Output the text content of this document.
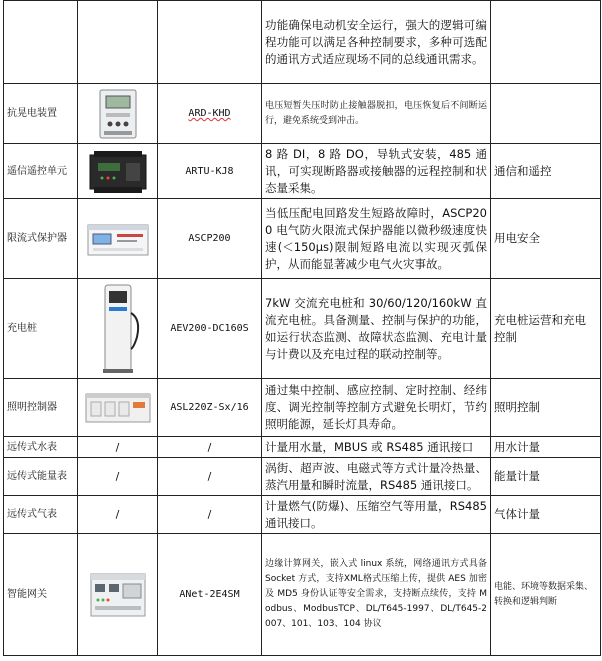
			功能确保电动机安全运行，强大的逻辑可编程功能可以满足各种控制要求，多种可选配的通讯方式适应现场不同的总线通讯需求。	
抗晃电装置		ARD-KHD	电压短暂失压时防止接触器脱扣，电压恢复后不间断运行，避免系统受到冲击。	
遥信遥控单元		ARTU-KJ8	8 路 DI，8 路 DO，导轨式安装，485 通讯，可实现断路器或接触器的远程控制和状态量采集。	通信和遥控
限流式保护器		ASCP200	当低压配电回路发生短路故障时，ASCP200 电气防火限流式保护器能以微秒级速度快速(＜150μs)限制短路电流以实现灭弧保护，从而能显著减少电气火灾事故。	用电安全
充电桩		AEV200-DC160S	7kW 交流充电桩和 30/60/120/160kW 直流充电桩。具备测量、控制与保护的功能，如运行状态监测、故障状态监测、充电计量与计费以及充电过程的联动控制等。	充电桩运营和充电控制
照明控制器		ASL220Z-Sx/16	通过集中控制、感应控制、定时控制、经纬度、调光控制等控制方式避免长明灯，节约照明能源，延长灯具寿命。	照明控制
远传式水表	/	/	计量用水量，MBUS 或 RS485 通讯接口	用水计量
远传式能量表	/	/	涡街、超声波、电磁式等方式计量冷热量、蒸汽用量和瞬时流量，RS485 通讯接口。	能量计量
远传式气表	/	/	计量燃气(防爆)、压缩空气等用量，RS485 通讯接口。	气体计量
智能网关		ANet-2E4SM	边缘计算网关，嵌入式 linux 系统，网络通讯方式具备 Socket 方式，支持XML格式压缩上传，提供 AES 加密及 MD5 身份认证等安全需求，支持断点续传，支持 Modbus、ModbusTCP、DL/T645-1997、DL/T645-2007、101、103、104 协议	电能、环境等数据采集、转换和逻辑判断
